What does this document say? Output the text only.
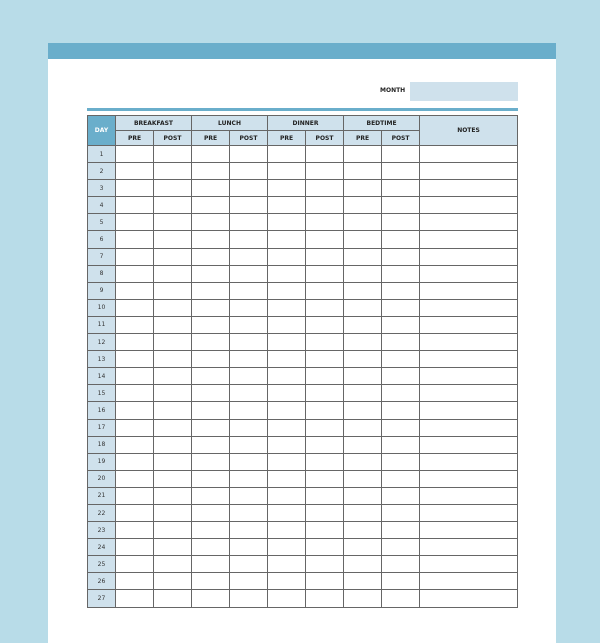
MONTH
DAY	BREAKFAST		LUNCH		DINNER		BEDTIME		NOTES
	PRE	POST	PRE	POST	PRE	POST	PRE	POST	
1									
2									
3									
4									
5									
6									
7									
8									
9									
10									
11									
12									
13									
14									
15									
16									
17									
18									
19									
20									
21									
22									
23									
24									
25									
26									
27									
